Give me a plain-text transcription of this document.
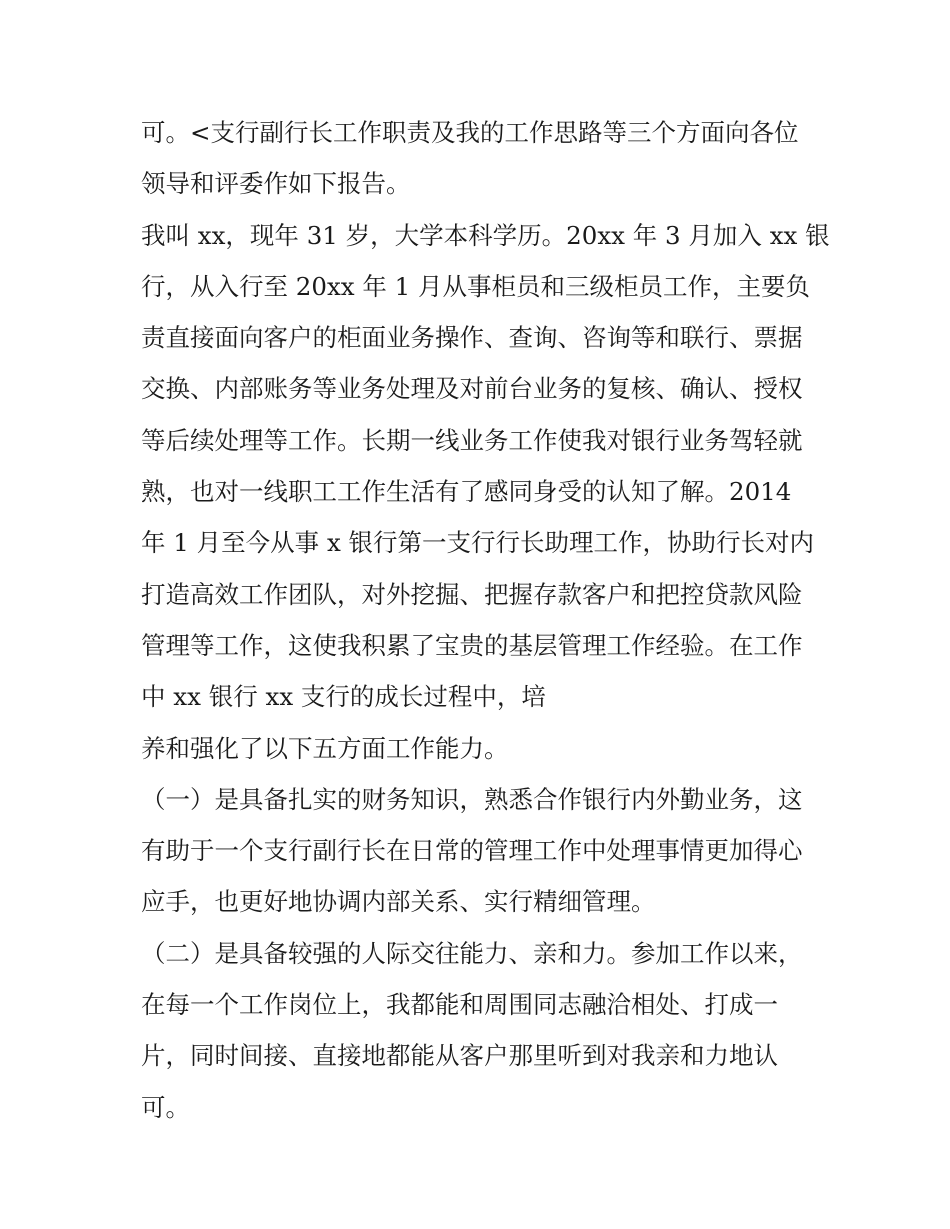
可。<支行副行长工作职责及我的工作思路等三个方面向各位
领导和评委作如下报告。
我叫 xx，现年 31 岁，大学本科学历。20xx 年 3 月加入 xx 银
行，从入行至 20xx 年 1 月从事柜员和三级柜员工作，主要负
责直接面向客户的柜面业务操作、查询、咨询等和联行、票据
交换、内部账务等业务处理及对前台业务的复核、确认、授权
等后续处理等工作。长期一线业务工作使我对银行业务驾轻就
熟，也对一线职工工作生活有了感同身受的认知了解。2014
年 1 月至今从事 x 银行第一支行行长助理工作，协助行长对内
打造高效工作团队，对外挖掘、把握存款客户和把控贷款风险
管理等工作，这使我积累了宝贵的基层管理工作经验。在工作
中 xx 银行 xx 支行的成长过程中，培
养和强化了以下五方面工作能力。
（一）是具备扎实的财务知识，熟悉合作银行内外勤业务，这
有助于一个支行副行长在日常的管理工作中处理事情更加得心
应手，也更好地协调内部关系、实行精细管理。
（二）是具备较强的人际交往能力、亲和力。参加工作以来，
在每一个工作岗位上，我都能和周围同志融洽相处、打成一
片，同时间接、直接地都能从客户那里听到对我亲和力地认
可。
